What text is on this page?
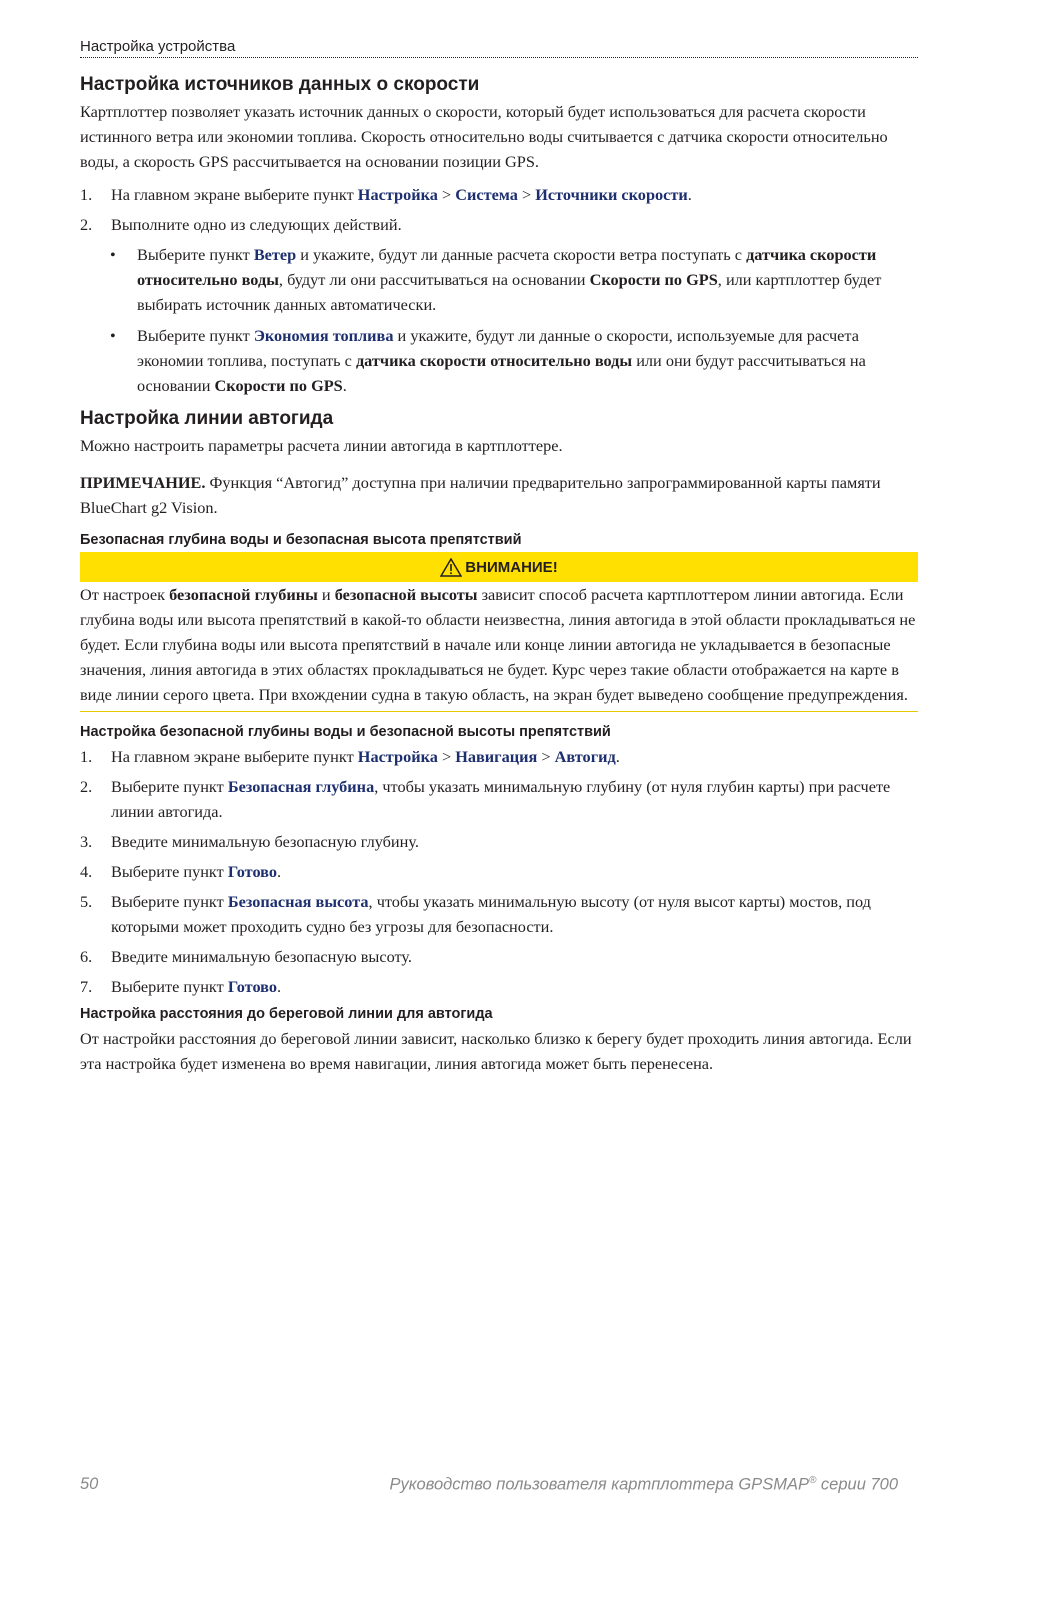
Настройка устройства
Настройка источников данных о скорости

Картплоттер позволяет указать источник данных о скорости, который будет использоваться для расчета скорости истинного ветра или экономии топлива. Скорость относительно воды считывается с датчика скорости относительно воды, а скорость GPS рассчитывается на основании позиции GPS.

1. На главном экране выберите пункт Настройка > Система > Источники скорости.
2. Выполните одно из следующих действий.
• Выберите пункт Ветер и укажите, будут ли данные расчета скорости ветра поступать с датчика скорости относительно воды, будут ли они рассчитываться на основании Скорости по GPS, или картплоттер будет выбирать источник данных автоматически.
• Выберите пункт Экономия топлива и укажите, будут ли данные о скорости, используемые для расчета экономии топлива, поступать с датчика скорости относительно воды или они будут рассчитываться на основании Скорости по GPS.
Настройка линии автогида

Можно настроить параметры расчета линии автогида в картплоттере.

ПРИМЕЧАНИЕ. Функция “Автогид” доступна при наличии предварительно запрограммированной карты памяти BlueChart g2 Vision.

Безопасная глубина воды и безопасная высота препятствий
ВНИМАНИЕ!

От настроек безопасной глубины и безопасной высоты зависит способ расчета картплоттером линии автогида. Если глубина воды или высота препятствий в какой-то области неизвестна, линия автогида в этой области прокладываться не будет. Если глубина воды или высота препятствий в начале или конце линии автогида не укладывается в безопасные значения, линия автогида в этих областях прокладываться не будет. Курс через такие области отображается на карте в виде линии серого цвета. При вхождении судна в такую область, на экран будет выведено сообщение предупреждения.

Настройка безопасной глубины воды и безопасной высоты препятствий
1. На главном экране выберите пункт Настройка > Навигация > Автогид.
2. Выберите пункт Безопасная глубина, чтобы указать минимальную глубину (от нуля глубин карты) при расчете линии автогида.
3. Введите минимальную безопасную глубину.
4. Выберите пункт Готово.
5. Выберите пункт Безопасная высота, чтобы указать минимальную высоту (от нуля высот карты) мостов, под которыми может проходить судно без угрозы для безопасности.
6. Введите минимальную безопасную высоту.
7. Выберите пункт Готово.
Настройка расстояния до береговой линии для автогида

От настройки расстояния до береговой линии зависит, насколько близко к берегу будет проходить линия автогида. Если эта настройка будет изменена во время навигации, линия автогида может быть перенесена.

50	Руководство пользователя картплоттера GPSMAP® серии 700
